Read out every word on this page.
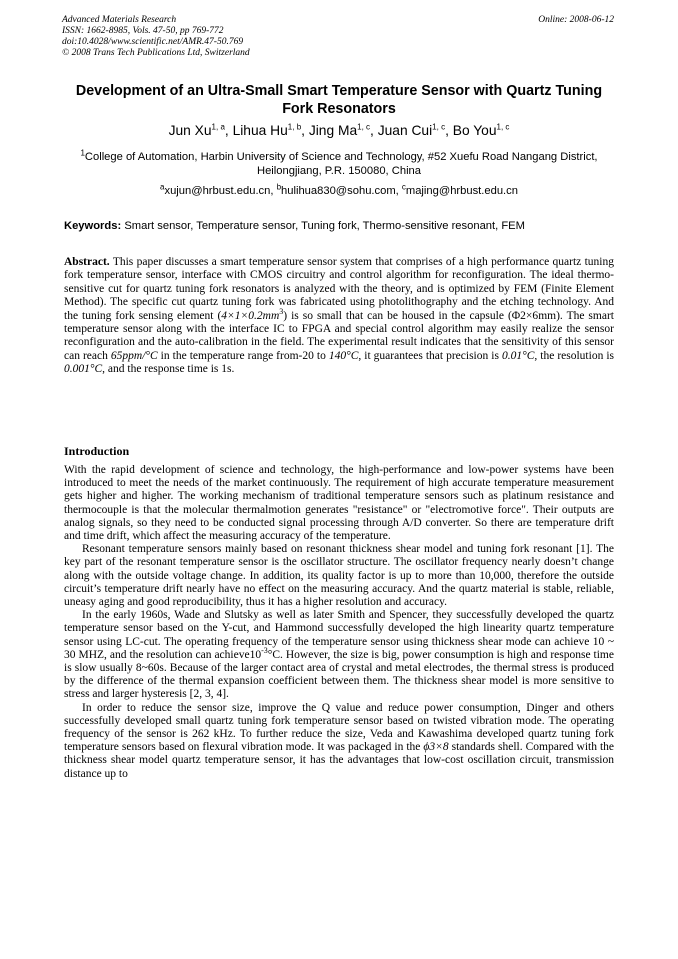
Advanced Materials Research
ISSN: 1662-8985, Vols. 47-50, pp 769-772
doi:10.4028/www.scientific.net/AMR.47-50.769
© 2008 Trans Tech Publications Ltd, Switzerland
Online: 2008-06-12
Development of an Ultra-Small Smart Temperature Sensor with Quartz Tuning Fork Resonators
Jun Xu$^{1, a}$, Lihua Hu$^{1, b}$, Jing Ma$^{1, c}$, Juan Cui$^{1, c}$, Bo You$^{1, c}$
$^1$College of Automation, Harbin University of Science and Technology, #52 Xuefu Road Nangang District, Heilongjiang, P.R. 150080, China
$^a$xujun@hrbust.edu.cn, $^b$hulihua830@sohu.com, $^c$majing@hrbust.edu.cn
Keywords: Smart sensor, Temperature sensor, Tuning fork, Thermo-sensitive resonant, FEM
Abstract. This paper discusses a smart temperature sensor system that comprises of a high performance quartz tuning fork temperature sensor, interface with CMOS circuitry and control algorithm for reconfiguration. The ideal thermo-sensitive cut for quartz tuning fork resonators is analyzed with the theory, and is optimized by FEM (Finite Element Method). The specific cut quartz tuning fork was fabricated using photolithography and the etching technology. And the tuning fork sensing element $(4\times 1\times 0.2mm^3)$ is so small that can be housed in the capsule (Φ2×6mm). The smart temperature sensor along with the interface IC to FPGA and special control algorithm may easily realize the sensor reconfiguration and the auto-calibration in the field. The experimental result indicates that the sensitivity of this sensor can reach 65ppm/°C in the temperature range from-20 to 140°C, it guarantees that precision is 0.01°C, the resolution is 0.001°C, and the response time is 1s.
Introduction

With the rapid development of science and technology, the high-performance and low-power systems have been introduced to meet the needs of the market continuously. The requirement of high accurate temperature measurement gets higher and higher. The working mechanism of traditional temperature sensors such as platinum resistance and thermocouple is that the molecular thermalmotion generates "resistance" or "electromotive force". Their outputs are analog signals, so they need to be conducted signal processing through A/D converter. So there are temperature drift and time drift, which affect the measuring accuracy of the temperature.

Resonant temperature sensors mainly based on resonant thickness shear model and tuning fork resonant [1]. The key part of the resonant temperature sensor is the oscillator structure. The oscillator frequency nearly doesn’t change along with the outside voltage change. In addition, its quality factor is up to more than 10,000, therefore the outside circuit’s temperature drift nearly have no effect on the measuring accuracy. And the quartz material is stable, reliable, uneasy aging and good reproducibility, thus it has a higher resolution and accuracy.

In the early 1960s, Wade and Slutsky as well as later Smith and Spencer, they successfully developed the quartz temperature sensor based on the Y-cut, and Hammond successfully developed the high linearity quartz temperature sensor using LC-cut. The operating frequency of the temperature sensor using thickness shear mode can achieve 10 ~ 30 MHZ, and the resolution can $achieve10^{-3}^\circ C$. However, the size is big, power consumption is high and response time is slow usually 8~60s. Because of the larger contact area of crystal and metal electrodes, the thermal stress is produced by the difference of the thermal expansion coefficient between them. The thickness shear model is more sensitive to stress and larger hysteresis [2, 3, 4].

In order to reduce the sensor size, improve the Q value and reduce power consumption, Dinger and others successfully developed small quartz tuning fork temperature sensor based on twisted vibration mode. The operating frequency of the sensor is 262 kHz. To further reduce the size, Veda and Kawashima developed quartz tuning fork temperature sensors based on flexural vibration mode. It was packaged in the ϕ3×8 standards shell. Compared with the thickness shear model quartz temperature sensor, it has the advantages that low-cost oscillation circuit, transmission distance up to
